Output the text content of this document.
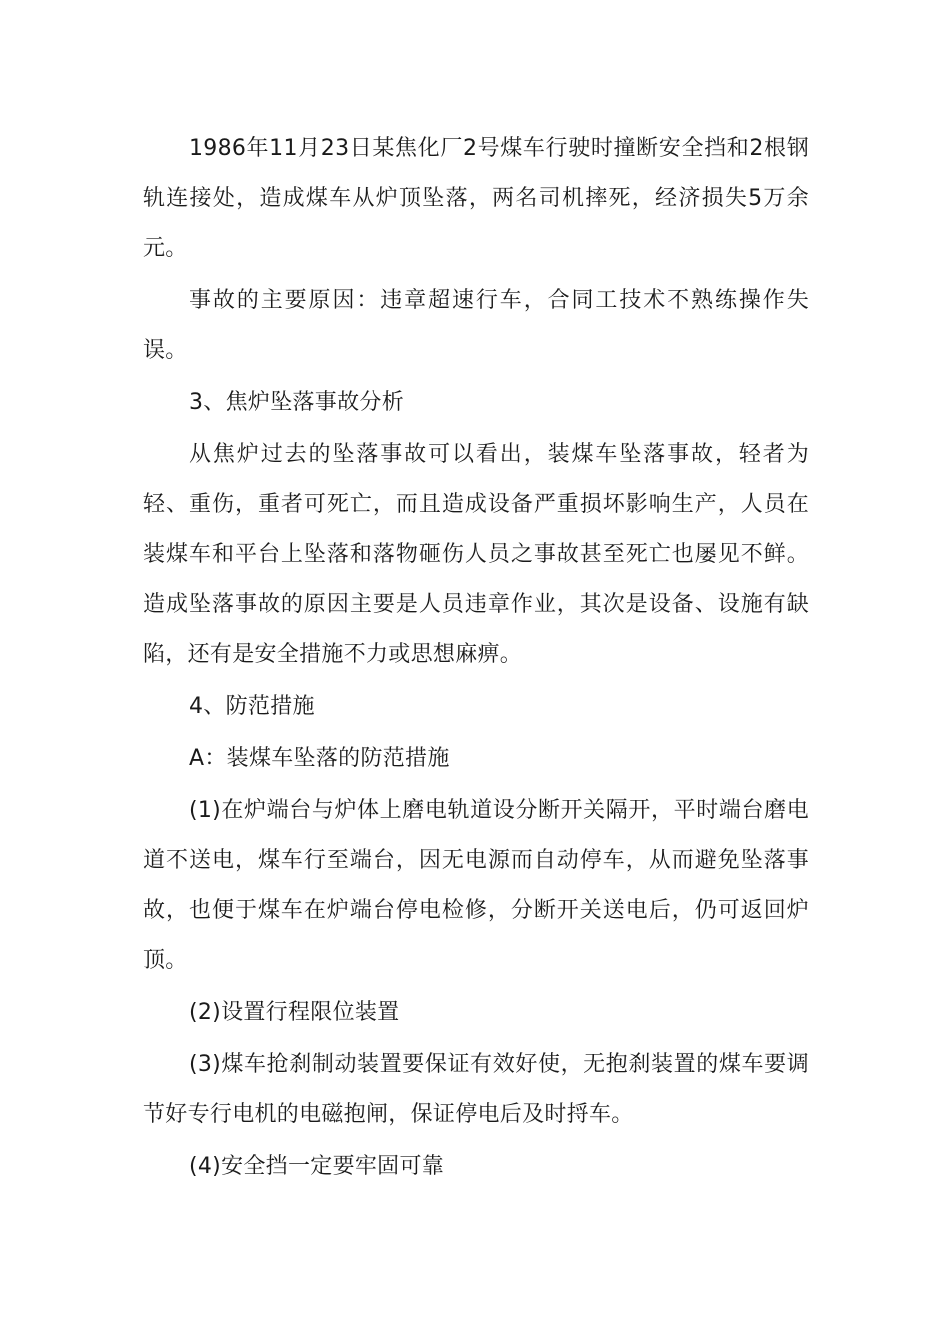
1986年11月23日某焦化厂2号煤车行驶时撞断安全挡和2根钢轨连接处，造成煤车从炉顶坠落，两名司机摔死，经济损失5万余元。

事故的主要原因：违章超速行车，合同工技术不熟练操作失误。

3、焦炉坠落事故分析

从焦炉过去的坠落事故可以看出，装煤车坠落事故，轻者为轻、重伤，重者可死亡，而且造成设备严重损坏影响生产，人员在装煤车和平台上坠落和落物砸伤人员之事故甚至死亡也屡见不鲜。造成坠落事故的原因主要是人员违章作业，其次是设备、设施有缺陷，还有是安全措施不力或思想麻痹。

4、防范措施

A：装煤车坠落的防范措施

(1)在炉端台与炉体上磨电轨道设分断开关隔开，平时端台磨电道不送电，煤车行至端台，因无电源而自动停车，从而避免坠落事故，也便于煤车在炉端台停电检修，分断开关送电后，仍可返回炉顶。

(2)设置行程限位装置

(3)煤车抢刹制动装置要保证有效好使，无抱刹装置的煤车要调节好专行电机的电磁抱闸，保证停电后及时捋车。

(4)安全挡一定要牢固可靠
